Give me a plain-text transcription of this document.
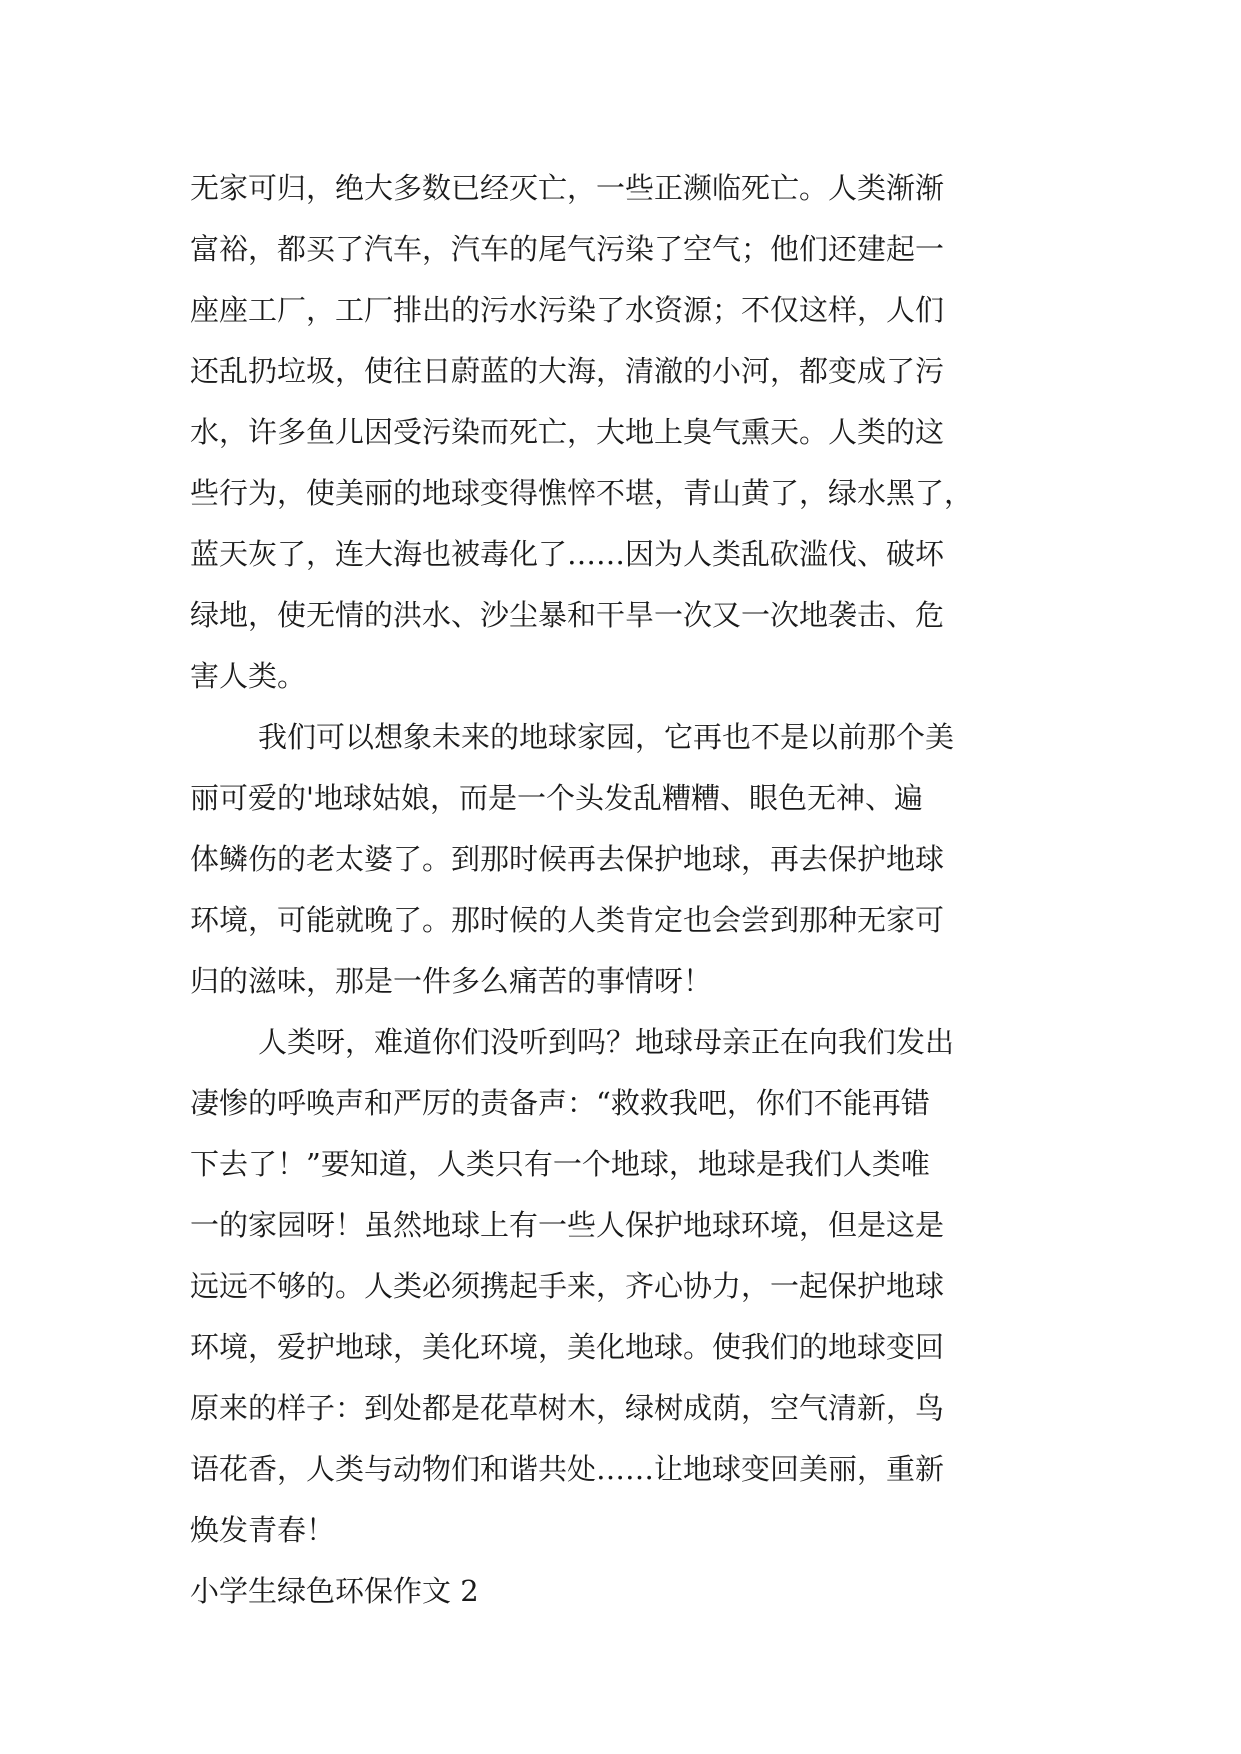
无家可归，绝大多数已经灭亡，一些正濒临死亡。人类渐渐
富裕，都买了汽车，汽车的尾气污染了空气；他们还建起一
座座工厂，工厂排出的污水污染了水资源；不仅这样，人们
还乱扔垃圾，使往日蔚蓝的大海，清澈的小河，都变成了污
水，许多鱼儿因受污染而死亡，大地上臭气熏天。人类的这
些行为，使美丽的地球变得憔悴不堪，青山黄了，绿水黑了，
蓝天灰了，连大海也被毒化了……因为人类乱砍滥伐、破坏
绿地，使无情的洪水、沙尘暴和干旱一次又一次地袭击、危
害人类。
我们可以想象未来的地球家园，它再也不是以前那个美
丽可爱的'地球姑娘，而是一个头发乱糟糟、眼色无神、遍
体鳞伤的老太婆了。到那时候再去保护地球，再去保护地球
环境，可能就晚了。那时候的人类肯定也会尝到那种无家可
归的滋味，那是一件多么痛苦的事情呀！
人类呀，难道你们没听到吗？地球母亲正在向我们发出
凄惨的呼唤声和严厉的责备声：“救救我吧，你们不能再错
下去了！”要知道，人类只有一个地球，地球是我们人类唯
一的家园呀！虽然地球上有一些人保护地球环境，但是这是
远远不够的。人类必须携起手来，齐心协力，一起保护地球
环境，爱护地球，美化环境，美化地球。使我们的地球变回
原来的样子：到处都是花草树木，绿树成荫，空气清新，鸟
语花香，人类与动物们和谐共处……让地球变回美丽，重新
焕发青春！
小学生绿色环保作文 2
